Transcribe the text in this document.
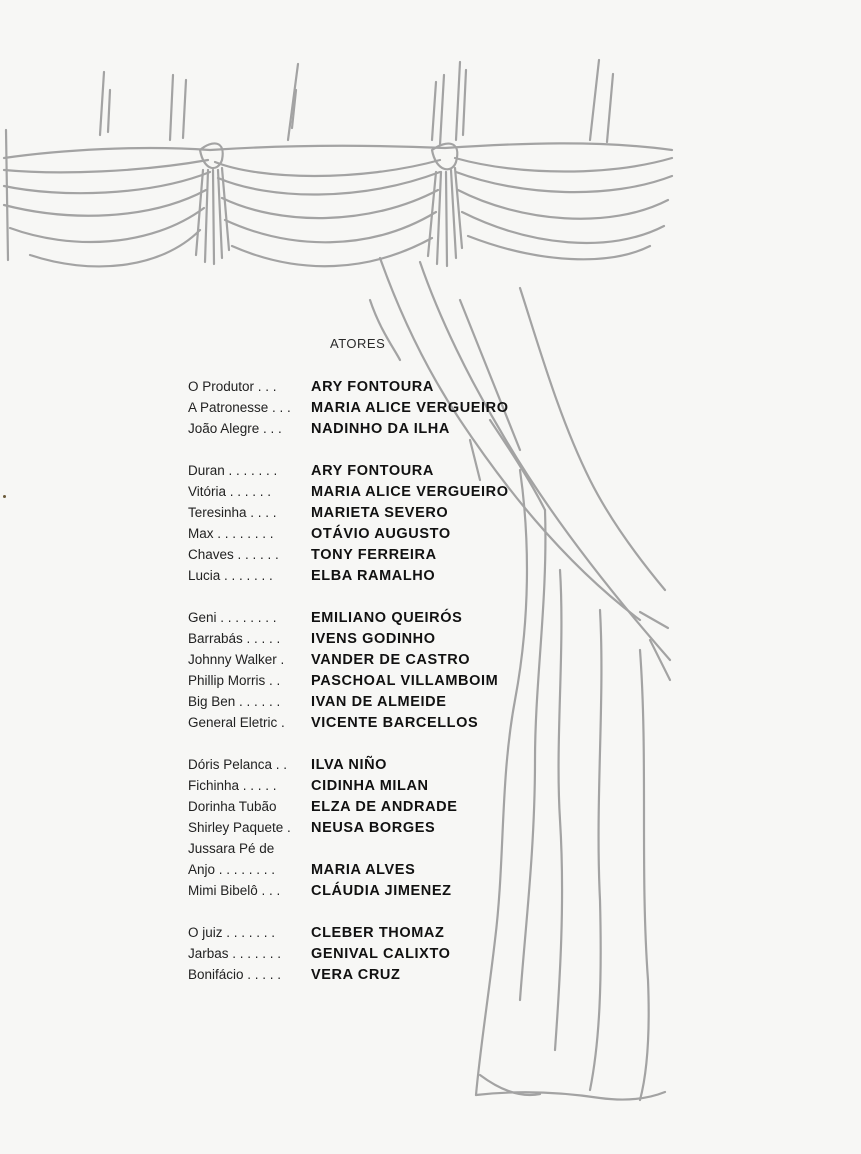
ATORES
O Produtor . . .	ARY FONTOURA
A Patronesse . . .	MARIA ALICE VERGUEIRO
João Alegre . . .	NADINHO DA ILHA
Duran . . . . . . .	ARY FONTOURA
Vitória . . . . . .	MARIA ALICE VERGUEIRO
Teresinha . . . .	MARIETA SEVERO
Max . . . . . . . .	OTÁVIO AUGUSTO
Chaves . . . . . .	TONY FERREIRA
Lucia . . . . . . .	ELBA RAMALHO
Geni . . . . . . . .	EMILIANO QUEIRÓS
Barrabás . . . . .	IVENS GODINHO
Johnny Walker .	VANDER DE CASTRO
Phillip Morris . .	PASCHOAL VILLAMBOIM
Big Ben . . . . . .	IVAN DE ALMEIDE
General Eletric .	VICENTE BARCELLOS
Dóris Pelanca . .	ILVA NIÑO
Fichinha . . . . .	CIDINHA MILAN
Dorinha Tubão	ELZA DE ANDRADE
Shirley Paquete .	NEUSA BORGES
Jussara Pé de
Anjo . . . . . . . .	MARIA ALVES
Mimi Bibelô . . .	CLÁUDIA JIMENEZ
O juiz . . . . . . .	CLEBER THOMAZ
Jarbas . . . . . . .	GENIVAL CALIXTO
Bonifácio . . . . .	VERA CRUZ
